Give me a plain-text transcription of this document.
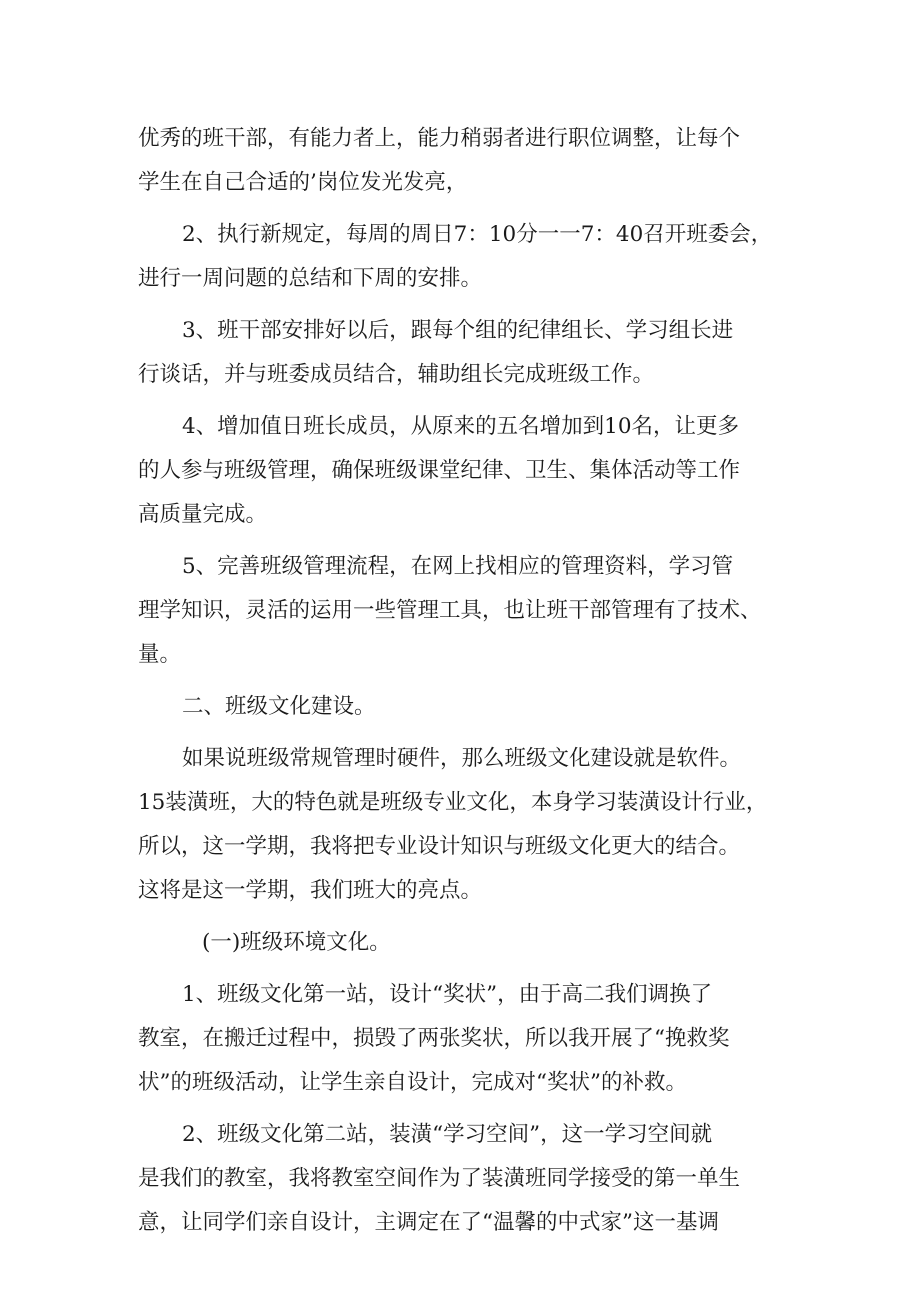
优秀的班干部，有能力者上，能力稍弱者进行职位调整，让每个
学生在自己合适的’岗位发光发亮，
2、执行新规定，每周的周日7：10分一一7：40召开班委会，
进行一周问题的总结和下周的安排。
3、班干部安排好以后，跟每个组的纪律组长、学习组长进
行谈话，并与班委成员结合，辅助组长完成班级工作。
4、增加值日班长成员，从原来的五名增加到10名，让更多
的人参与班级管理，确保班级课堂纪律、卫生、集体活动等工作
高质量完成。
5、完善班级管理流程，在网上找相应的管理资料，学习管
理学知识，灵活的运用一些管理工具，也让班干部管理有了技术、
量。
二、班级文化建设。
如果说班级常规管理时硬件，那么班级文化建设就是软件。
15装潢班，大的特色就是班级专业文化，本身学习装潢设计行业，
所以，这一学期，我将把专业设计知识与班级文化更大的结合。
这将是这一学期，我们班大的亮点。
(一)班级环境文化。
1、班级文化第一站，设计“奖状”，由于高二我们调换了
教室，在搬迁过程中，损毁了两张奖状，所以我开展了“挽救奖
状”的班级活动，让学生亲自设计，完成对“奖状”的补救。
2、班级文化第二站，装潢“学习空间”，这一学习空间就
是我们的教室，我将教室空间作为了装潢班同学接受的第一单生
意，让同学们亲自设计，主调定在了“温馨的中式家”这一基调
